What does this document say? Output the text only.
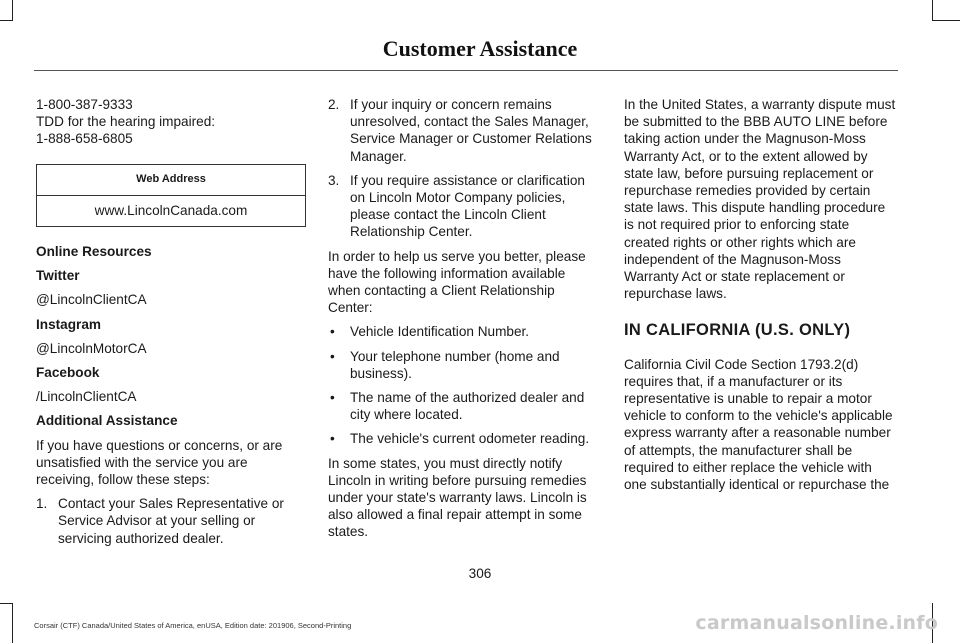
Customer Assistance

1-800-387-9333

TDD for the hearing impaired:

1-888-658-6805

Web Address
www.LincolnCanada.com

Online Resources

Twitter

@LincolnClientCA

Instagram

@LincolnMotorCA

Facebook

/LincolnClientCA

Additional Assistance

If you have questions or concerns, or are unsatisfied with the service you are receiving, follow these steps:

1. Contact your Sales Representative or Service Advisor at your selling or servicing authorized dealer.
2. If your inquiry or concern remains unresolved, contact the Sales Manager, Service Manager or Customer Relations Manager.
3. If you require assistance or clarification on Lincoln Motor Company policies, please contact the Lincoln Client Relationship Center.

In order to help us serve you better, please have the following information available when contacting a Client Relationship Center:

•	Vehicle Identification Number.
•	Your telephone number (home and business).
•	The name of the authorized dealer and city where located.
•	The vehicle's current odometer reading.

In some states, you must directly notify Lincoln in writing before pursuing remedies under your state's warranty laws. Lincoln is also allowed a final repair attempt in some states.

In the United States, a warranty dispute must be submitted to the BBB AUTO LINE before taking action under the Magnuson-Moss Warranty Act, or to the extent allowed by state law, before pursuing replacement or repurchase remedies provided by certain state laws. This dispute handling procedure is not required prior to enforcing state created rights or other rights which are independent of the Magnuson-Moss Warranty Act or state replacement or repurchase laws.

IN CALIFORNIA (U.S. ONLY)

California Civil Code Section 1793.2(d) requires that, if a manufacturer or its representative is unable to repair a motor vehicle to conform to the vehicle's applicable express warranty after a reasonable number of attempts, the manufacturer shall be required to either replace the vehicle with one substantially identical or repurchase the

306
Corsair (CTF) Canada/United States of America, enUSA, Edition date: 201906, Second-Printing	carmanualsonline.info
